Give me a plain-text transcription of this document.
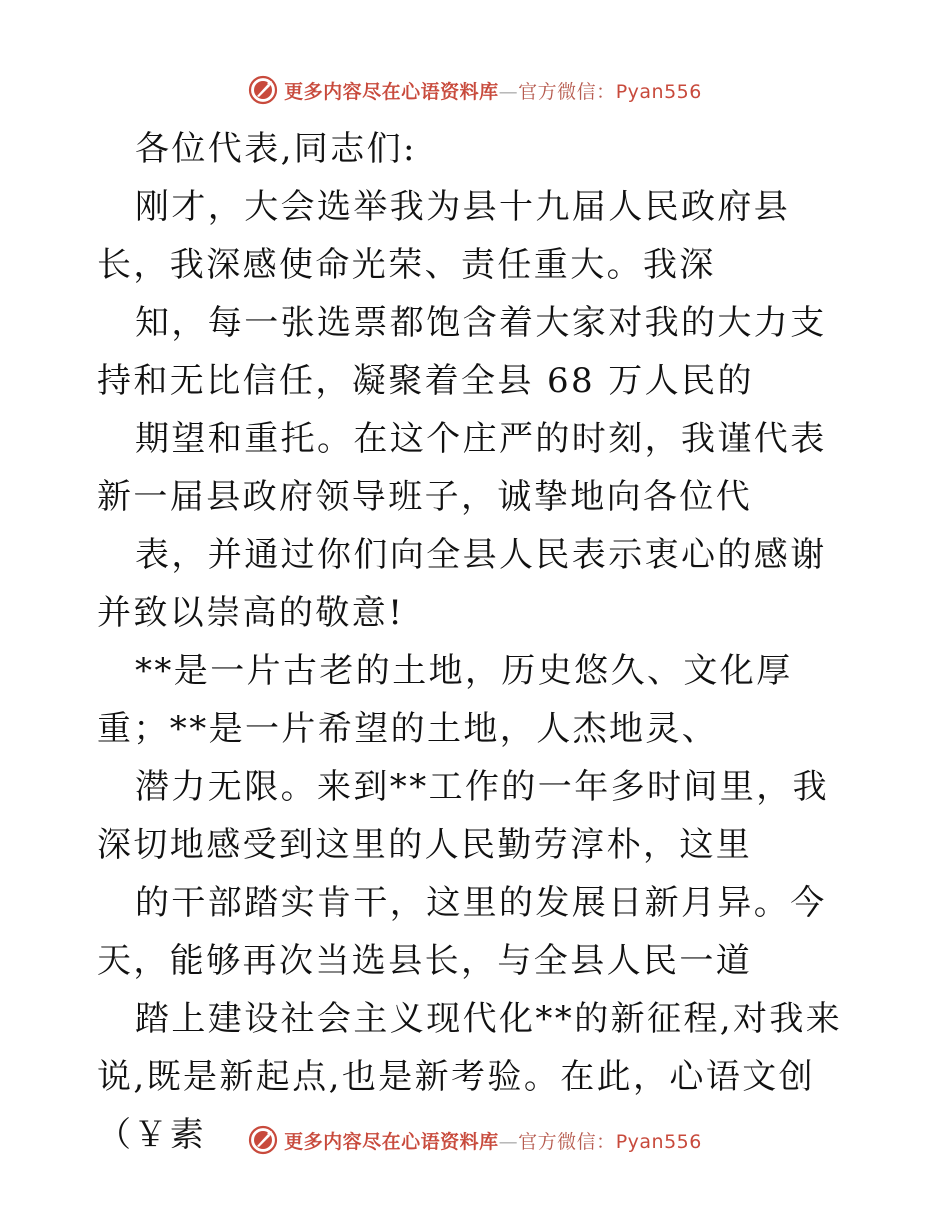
更多内容尽在心语资料库—官方微信：Pyan556

各位代表,同志们:

刚才，大会选举我为县十九届人民政府县长，我深感使命光荣、责任重大。我深

知，每一张选票都饱含着大家对我的大力支持和无比信任，凝聚着全县 68 万人民的

期望和重托。在这个庄严的时刻，我谨代表新一届县政府领导班子，诚挚地向各位代

表，并通过你们向全县人民表示衷心的感谢并致以崇高的敬意!

**是一片古老的土地，历史悠久、文化厚重；**是一片希望的土地，人杰地灵、

潜力无限。来到**工作的一年多时间里，我深切地感受到这里的人民勤劳淳朴，这里

的干部踏实肯干，这里的发展日新月异。今天，能够再次当选县长，与全县人民一道

踏上建设社会主义现代化**的新征程,对我来说,既是新起点,也是新考验。在此，心语文创（￥素	更多内容尽在心语资料库—官方微信：Pyan556
